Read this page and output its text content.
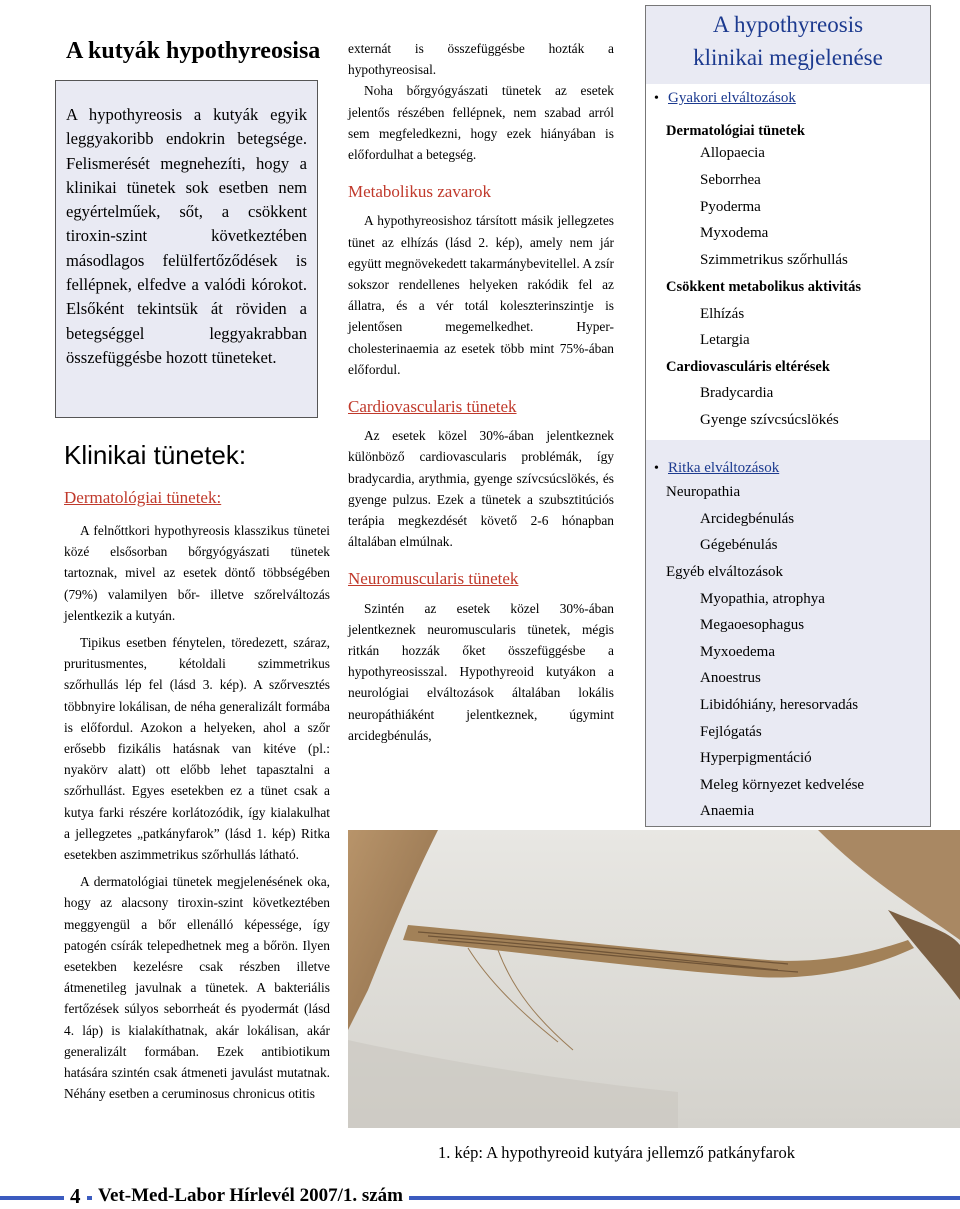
A kutyák hypothyreosisa

A hypothyreosis a kutyák egyik leggyakoribb endokrin betegsége. Felismerését megnehezíti, hogy a klinikai tünetek sok esetben nem egyértelműek, sőt, a csökkent tiroxin-szint következtében másodlagos felülfertőződések is fellépnek, elfedve a valódi kórokot. Elsőként tekintsük át röviden a betegséggel leggyakrabban összefüggésbe hozott tüneteket.

Klinikai tünetek:
Dermatológiai tünetek:

A felnőttkori hypothyreosis klasszikus tünetei közé elsősorban bőrgyógyászati tünetek tartoznak, mivel az esetek döntő többségében (79%) valamilyen bőr- illetve szőrelváltozás jelentkezik a kutyán.

Tipikus esetben fénytelen, töredezett, száraz, pruritusmentes, kétoldali szimmetrikus szőrhullás lép fel (lásd 3. kép). A szőrvesztés többnyire lokálisan, de néha generalizált formába is előfordul. Azokon a helyeken, ahol a szőr erősebb fizikális hatásnak van kitéve (pl.: nyakörv alatt) ott előbb lehet tapasztalni a szőrhullást. Egyes esetekben ez a tünet csak a kutya farki részére korlátozódik, így kialakulhat a jellegzetes „patkányfarok” (lásd 1. kép) Ritka esetekben aszimmetrikus szőrhullás látható.

A dermatológiai tünetek megjelenésének oka, hogy az alacsony tiroxin-szint következtében meggyengül a bőr ellenálló képessége, így patogén csírák telepedhetnek meg a bőrön. Ilyen esetekben kezelésre csak részben illetve átmenetileg javulnak a tünetek. A bakteriális fertőzések súlyos seborrheát és pyodermát (lásd 4. láp) is kialakíthatnak, akár lokálisan, akár generalizált formában. Ezek antibiotikum hatására szintén csak átmeneti javulást mutatnak. Néhány esetben a ceruminosus chronicus otitis

externát is összefüggésbe hozták a hypothyreosisal.

Noha bőrgyógyászati tünetek az esetek jelentős részében fellépnek, nem szabad arról sem megfeledkezni, hogy ezek hiányában is előfordulhat a betegség.

Metabolikus zavarok

A hypothyreosishoz társított másik jellegzetes tünet az elhízás (lásd 2. kép), amely nem jár együtt megnövekedett takarmánybevitellel. A zsír sokszor rendellenes helyeken rakódik fel az állatra, és a vér totál koleszterinszintje is jelentősen megemelkedhet. Hyper-cholesterinaemia az esetek több mint 75%-ában előfordul.

Cardiovascularis tünetek

Az esetek közel 30%-ában jelentkeznek különböző cardiovascularis problémák, így bradycardia, arythmia, gyenge szívcsúcslökés, és gyenge pulzus. Ezek a tünetek a szubsztitúciós terápia megkezdését követő 2-6 hónapban általában elmúlnak.

Neuromuscularis tünetek

Szintén az esetek közel 30%-ában jelentkeznek neuromuscularis tünetek, mégis ritkán hozzák őket összefüggésbe a hypothyreosisszal. Hypothyreoid kutyákon a neurológiai elváltozások általában lokális neuropáthiáként jelentkeznek, úgymint arcidegbénulás,

A hypothyreosis
klinikai megjelenése
• Gyakori elváltozások
Dermatológiai tünetek
Allopaecia
Seborrhea
Pyoderma
Myxodema
Szimmetrikus szőrhullás
Csökkent metabolikus aktivitás
Elhízás
Letargia
Cardiovasculáris eltérések
Bradycardia
Gyenge szívcsúcslökés
• Ritka elváltozások
Neuropathia
Arcidegbénulás
Gégebénulás
Egyéb elváltozások
Myopathia, atrophya
Megaoesophagus
Myxoedema
Anoestrus
Libidóhiány, heresorvadás
Fejlógatás
Hyperpigmentáció
Meleg környezet kedvelése
Anaemia
1. kép: A hypothyreoid kutyára jellemző patkányfarok
4 Vet-Med-Labor Hírlevél 2007/1. szám
